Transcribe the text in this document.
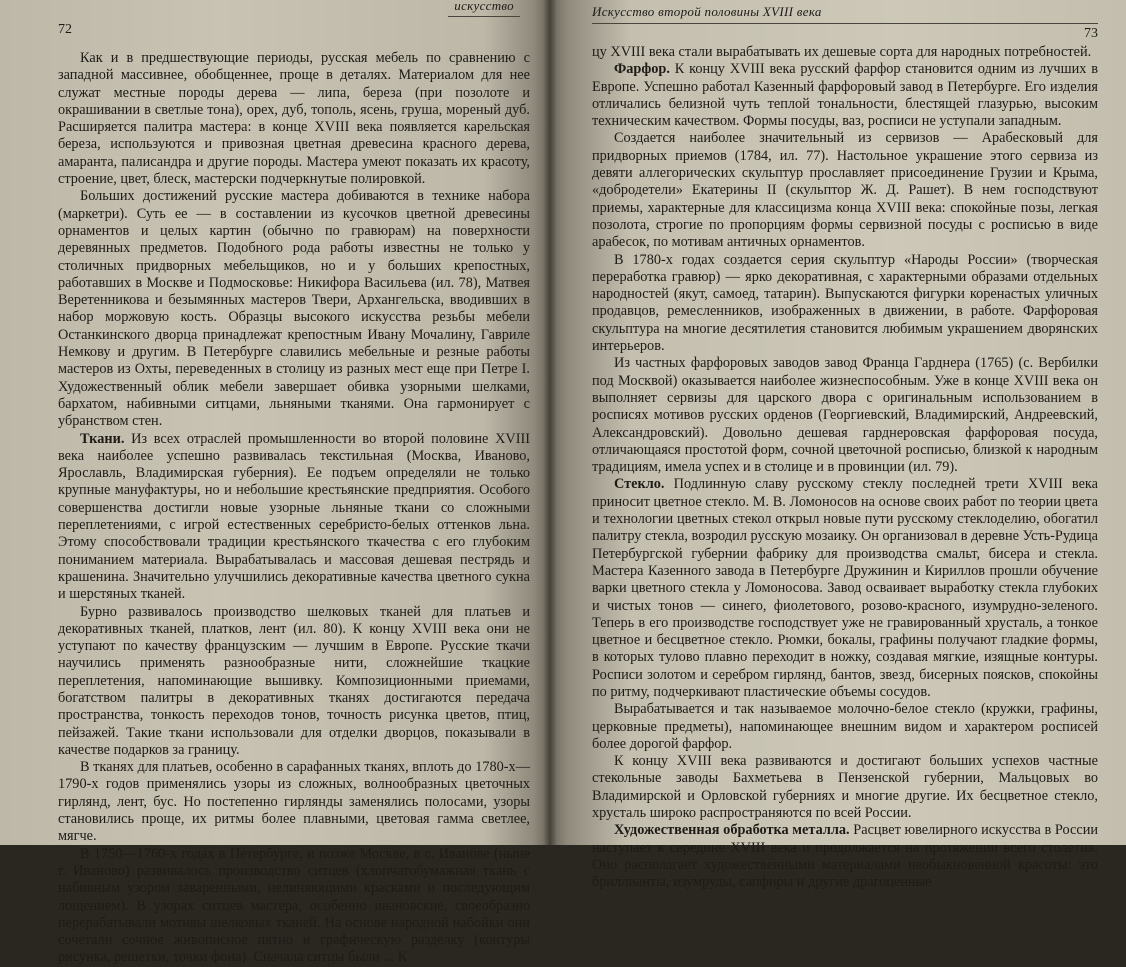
искусство
72

Как и в предшествующие периоды, русская мебель по сравнению с западной массивнее, обобщеннее, проще в деталях. Материалом для нее служат местные породы дерева — липа, береза (при позолоте и окрашивании в светлые тона), орех, дуб, тополь, ясень, груша, мореный дуб. Расширяется палитра мастера: в конце XVIII века появляется карельская береза, используются и привозная цветная древесина красного дерева, амаранта, палисандра и другие породы. Мастера умеют показать их красоту, строение, цвет, блеск, мастерски подчеркнутые полировкой.

Больших достижений русские мастера добиваются в технике набора (маркетри). Суть ее — в составлении из кусочков цветной древесины орнаментов и целых картин (обычно по гравюрам) на поверхности деревянных предметов. Подобного рода работы известны не только у столичных придворных мебельщиков, но и у больших крепостных, работавших в Москве и Подмосковье: Никифора Васильева (ил. 78), Матвея Веретенникова и безымянных мастеров Твери, Архангельска, вводивших в набор моржовую кость. Образцы высокого искусства резьбы мебели Останкинского дворца принадлежат крепостным Ивану Мочалину, Гавриле Немкову и другим. В Петербурге славились мебельные и резные работы мастеров из Охты, переведенных в столицу из разных мест еще при Петре I. Художественный облик мебели завершает обивка узорными шелками, бархатом, набивными ситцами, льняными тканями. Она гармонирует с убранством стен.

Ткани. Из всех отраслей промышленности во второй половине XVIII века наиболее успешно развивалась текстильная (Москва, Иваново, Ярославль, Владимирская губерния). Ее подъем определяли не только крупные мануфактуры, но и небольшие крестьянские предприятия. Особого совершенства достигли новые узорные льняные ткани со сложными переплетениями, с игрой естественных серебристо-белых оттенков льна. Этому способствовали традиции крестьянского ткачества с его глубоким пониманием материала. Вырабатывалась и массовая дешевая пестрядь и крашенина. Значительно улучшились декоративные качества цветного сукна и шерстяных тканей.

Бурно развивалось производство шелковых тканей для платьев и декоративных тканей, платков, лент (ил. 80). К концу XVIII века они не уступают по качеству французским — лучшим в Европе. Русские ткачи научились применять разнообразные нити, сложнейшие ткацкие переплетения, напоминающие вышивку. Композиционными приемами, богатством палитры в декоративных тканях достигаются передача пространства, тонкость переходов тонов, точность рисунка цветов, птиц, пейзажей. Такие ткани использовали для отделки дворцов, показывали в качестве подарков за границу.

В тканях для платьев, особенно в сарафанных тканях, вплоть до 1780-х—1790-х годов применялись узоры из сложных, волнообразных цветочных гирлянд, лент, бус. Но постепенно гирлянды заменялись полосами, узоры становились проще, их ритмы более плавными, цветовая гамма светлее, мягче.

В 1750—1760-х годах в Петербурге, и позже Москве, в с. Иванове (ныне г. Иваново) развивалось производство ситцев (хлопчатобумажная ткань с набивным узором заваренными, нелиняющими красками и последующим лощением). В узорах ситцев мастера, особенно ивановские, своеобразно перерабатывали мотивы шелковых тканей. На основе народной набойки они сочетали сочное живописное пятно и графическую разделку (контуры рисунка, решетки, точки фона). Сначала ситцы были ... К

Искусство второй половины XVIII века
73

цу XVIII века стали вырабатывать их дешевые сорта для народных потребностей.

Фарфор. К концу XVIII века русский фарфор становится одним из лучших в Европе. Успешно работал Казенный фарфоровый завод в Петербурге. Его изделия отличались белизной чуть теплой тональности, блестящей глазурью, высоким техническим качеством. Формы посуды, ваз, росписи не уступали западным.

Создается наиболее значительный из сервизов — Арабесковый для придворных приемов (1784, ил. 77). Настольное украшение этого сервиза из девяти аллегорических скульптур прославляет присоединение Грузии и Крыма, «добродетели» Екатерины II (скульптор Ж. Д. Рашет). В нем господствуют приемы, характерные для классицизма конца XVIII века: спокойные позы, легкая позолота, строгие по пропорциям формы сервизной посуды с росписью в виде арабесок, по мотивам античных орнаментов.

В 1780-х годах создается серия скульптур «Народы России» (творческая переработка гравюр) — ярко декоративная, с характерными образами отдельных народностей (якут, самоед, татарин). Выпускаются фигурки коренастых уличных продавцов, ремесленников, изображенных в движении, в работе. Фарфоровая скульптура на многие десятилетия становится любимым украшением дворянских интерьеров.

Из частных фарфоровых заводов завод Франца Гарднера (1765) (с. Вербилки под Москвой) оказывается наиболее жизнеспособным. Уже в конце XVIII века он выполняет сервизы для царского двора с оригинальным использованием в росписях мотивов русских орденов (Георгиевский, Владимирский, Андреевский, Александровский). Довольно дешевая гарднеровская фарфоровая посуда, отличающаяся простотой форм, сочной цветочной росписью, близкой к народным традициям, имела успех и в столице и в провинции (ил. 79).

Стекло. Подлинную славу русскому стеклу последней трети XVIII века приносит цветное стекло. М. В. Ломоносов на основе своих работ по теории цвета и технологии цветных стекол открыл новые пути русскому стеклоделию, обогатил палитру стекла, возродил русскую мозаику. Он организовал в деревне Усть-Рудица Петербургской губернии фабрику для производства смальт, бисера и стекла. Мастера Казенного завода в Петербурге Дружинин и Кириллов прошли обучение варки цветного стекла у Ломоносова. Завод осваивает выработку стекла глубоких и чистых тонов — синего, фиолетового, розово-красного, изумрудно-зеленого. Теперь в его производстве господствует уже не гравированный хрусталь, а тонкое цветное и бесцветное стекло. Рюмки, бокалы, графины получают гладкие формы, в которых тулово плавно переходит в ножку, создавая мягкие, изящные контуры. Росписи золотом и серебром гирлянд, бантов, звезд, бисерных поясков, спокойны по ритму, подчеркивают пластические объемы сосудов.

Вырабатывается и так называемое молочно-белое стекло (кружки, графины, церковные предметы), напоминающее внешним видом и характером росписей более дорогой фарфор.

К концу XVIII века развиваются и достигают больших успехов частные стекольные заводы Бахметьева в Пензенской губернии, Мальцовых во Владимирской и Орловской губерниях и многие другие. Их бесцветное стекло, хрусталь широко распространяются по всей России.

Художественная обработка металла. Расцвет ювелирного искусства в России наступает к середине XVIII века и продолжается на протяжении всего столетия. Оно располагает художественными материалами необыкновенной красоты: это бриллианты, изумруды, сапфиры и другие драгоценные
